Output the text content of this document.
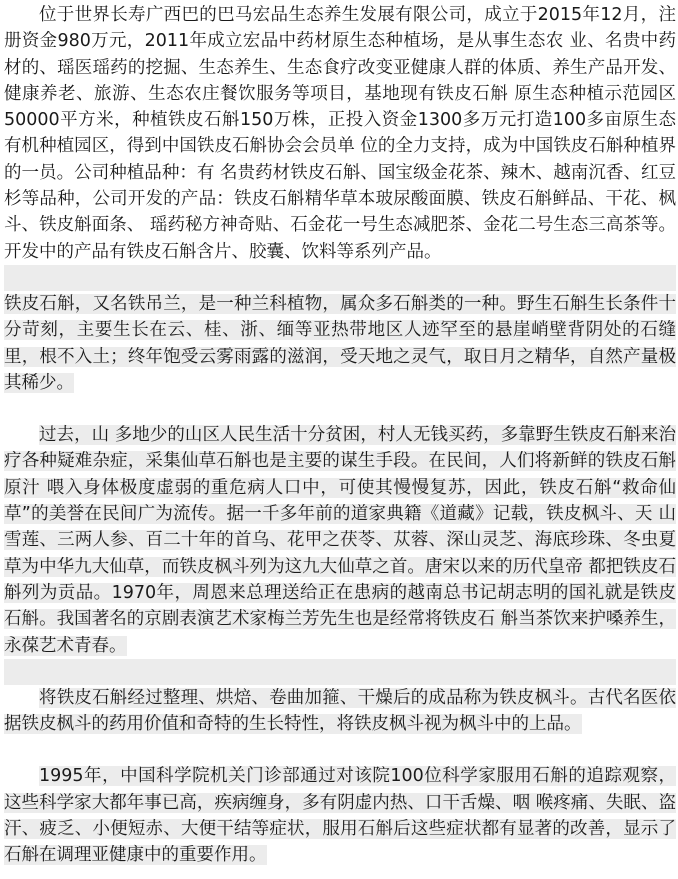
位于世界长寿广西巴的巴马宏品生态养生发展有限公司，成立于2015年12月，注册资金980万元，2011年成立宏品中药材原生态种植场，是从事生态农 业、名贵中药材的、瑶医瑶药的挖掘、生态养生、生态食疗改变亚健康人群的体质、养生产品开发、健康养老、旅游、生态农庄餐饮服务等项目，基地现有铁皮石斛 原生态种植示范园区50000平方米，种植铁皮石斛150万株，正投入资金1300多万元打造100多亩原生态有机种植园区，得到中国铁皮石斛协会会员单 位的全力支持，成为中国铁皮石斛种植界的一员。公司种植品种：有 名贵药材铁皮石斛、国宝级金花茶、辣木、越南沉香、红豆杉等品种，公司开发的产品：铁皮石斛精华草本玻尿酸面膜、铁皮石斛鲜品、干花、枫斗、铁皮斛面条、 瑶药秘方神奇贴、石金花一号生态减肥茶、金花二号生态三高茶等。开发中的产品有铁皮石斛含片、胶囊、饮料等系列产品。

铁皮石斛，又名铁吊兰，是一种兰科植物，属众多石斛类的一种。野生石斛生长条件十分苛刻，主要生长在云、桂、浙、缅等亚热带地区人迹罕至的悬崖峭壁背阴处的石缝里，根不入土；终年饱受云雾雨露的滋润，受天地之灵气，取日月之精华，自然产量极其稀少。

过去，山 多地少的山区人民生活十分贫困，村人无钱买药，多靠野生铁皮石斛来治疗各种疑难杂症，采集仙草石斛也是主要的谋生手段。在民间，人们将新鲜的铁皮石斛原汁 喂入身体极度虚弱的重危病人口中，可使其慢慢复苏，因此，铁皮石斛“救命仙草”的美誉在民间广为流传。据一千多年前的道家典籍《道藏》记载，铁皮枫斗、天 山雪莲、三两人参、百二十年的首乌、花甲之茯苓、苁蓉、深山灵芝、海底珍珠、冬虫夏草为中华九大仙草，而铁皮枫斗列为这九大仙草之首。唐宋以来的历代皇帝 都把铁皮石斛列为贡品。1970年，周恩来总理送给正在患病的越南总书记胡志明的国礼就是铁皮石斛。我国著名的京剧表演艺术家梅兰芳先生也是经常将铁皮石 斛当茶饮来护嗓养生，永葆艺术青春。

将铁皮石斛经过整理、烘焙、卷曲加箍、干燥后的成品称为铁皮枫斗。古代名医依据铁皮枫斗的药用价值和奇特的生长特性，将铁皮枫斗视为枫斗中的上品。

1995年，中国科学院机关门诊部通过对该院100位科学家服用石斛的追踪观察，这些科学家大都年事已高，疾病缠身，多有阴虚内热、口干舌燥、咽 喉疼痛、失眠、盗汗、疲乏、小便短赤、大便干结等症状，服用石斛后这些症状都有显著的改善，显示了石斛在调理亚健康中的重要作用。
